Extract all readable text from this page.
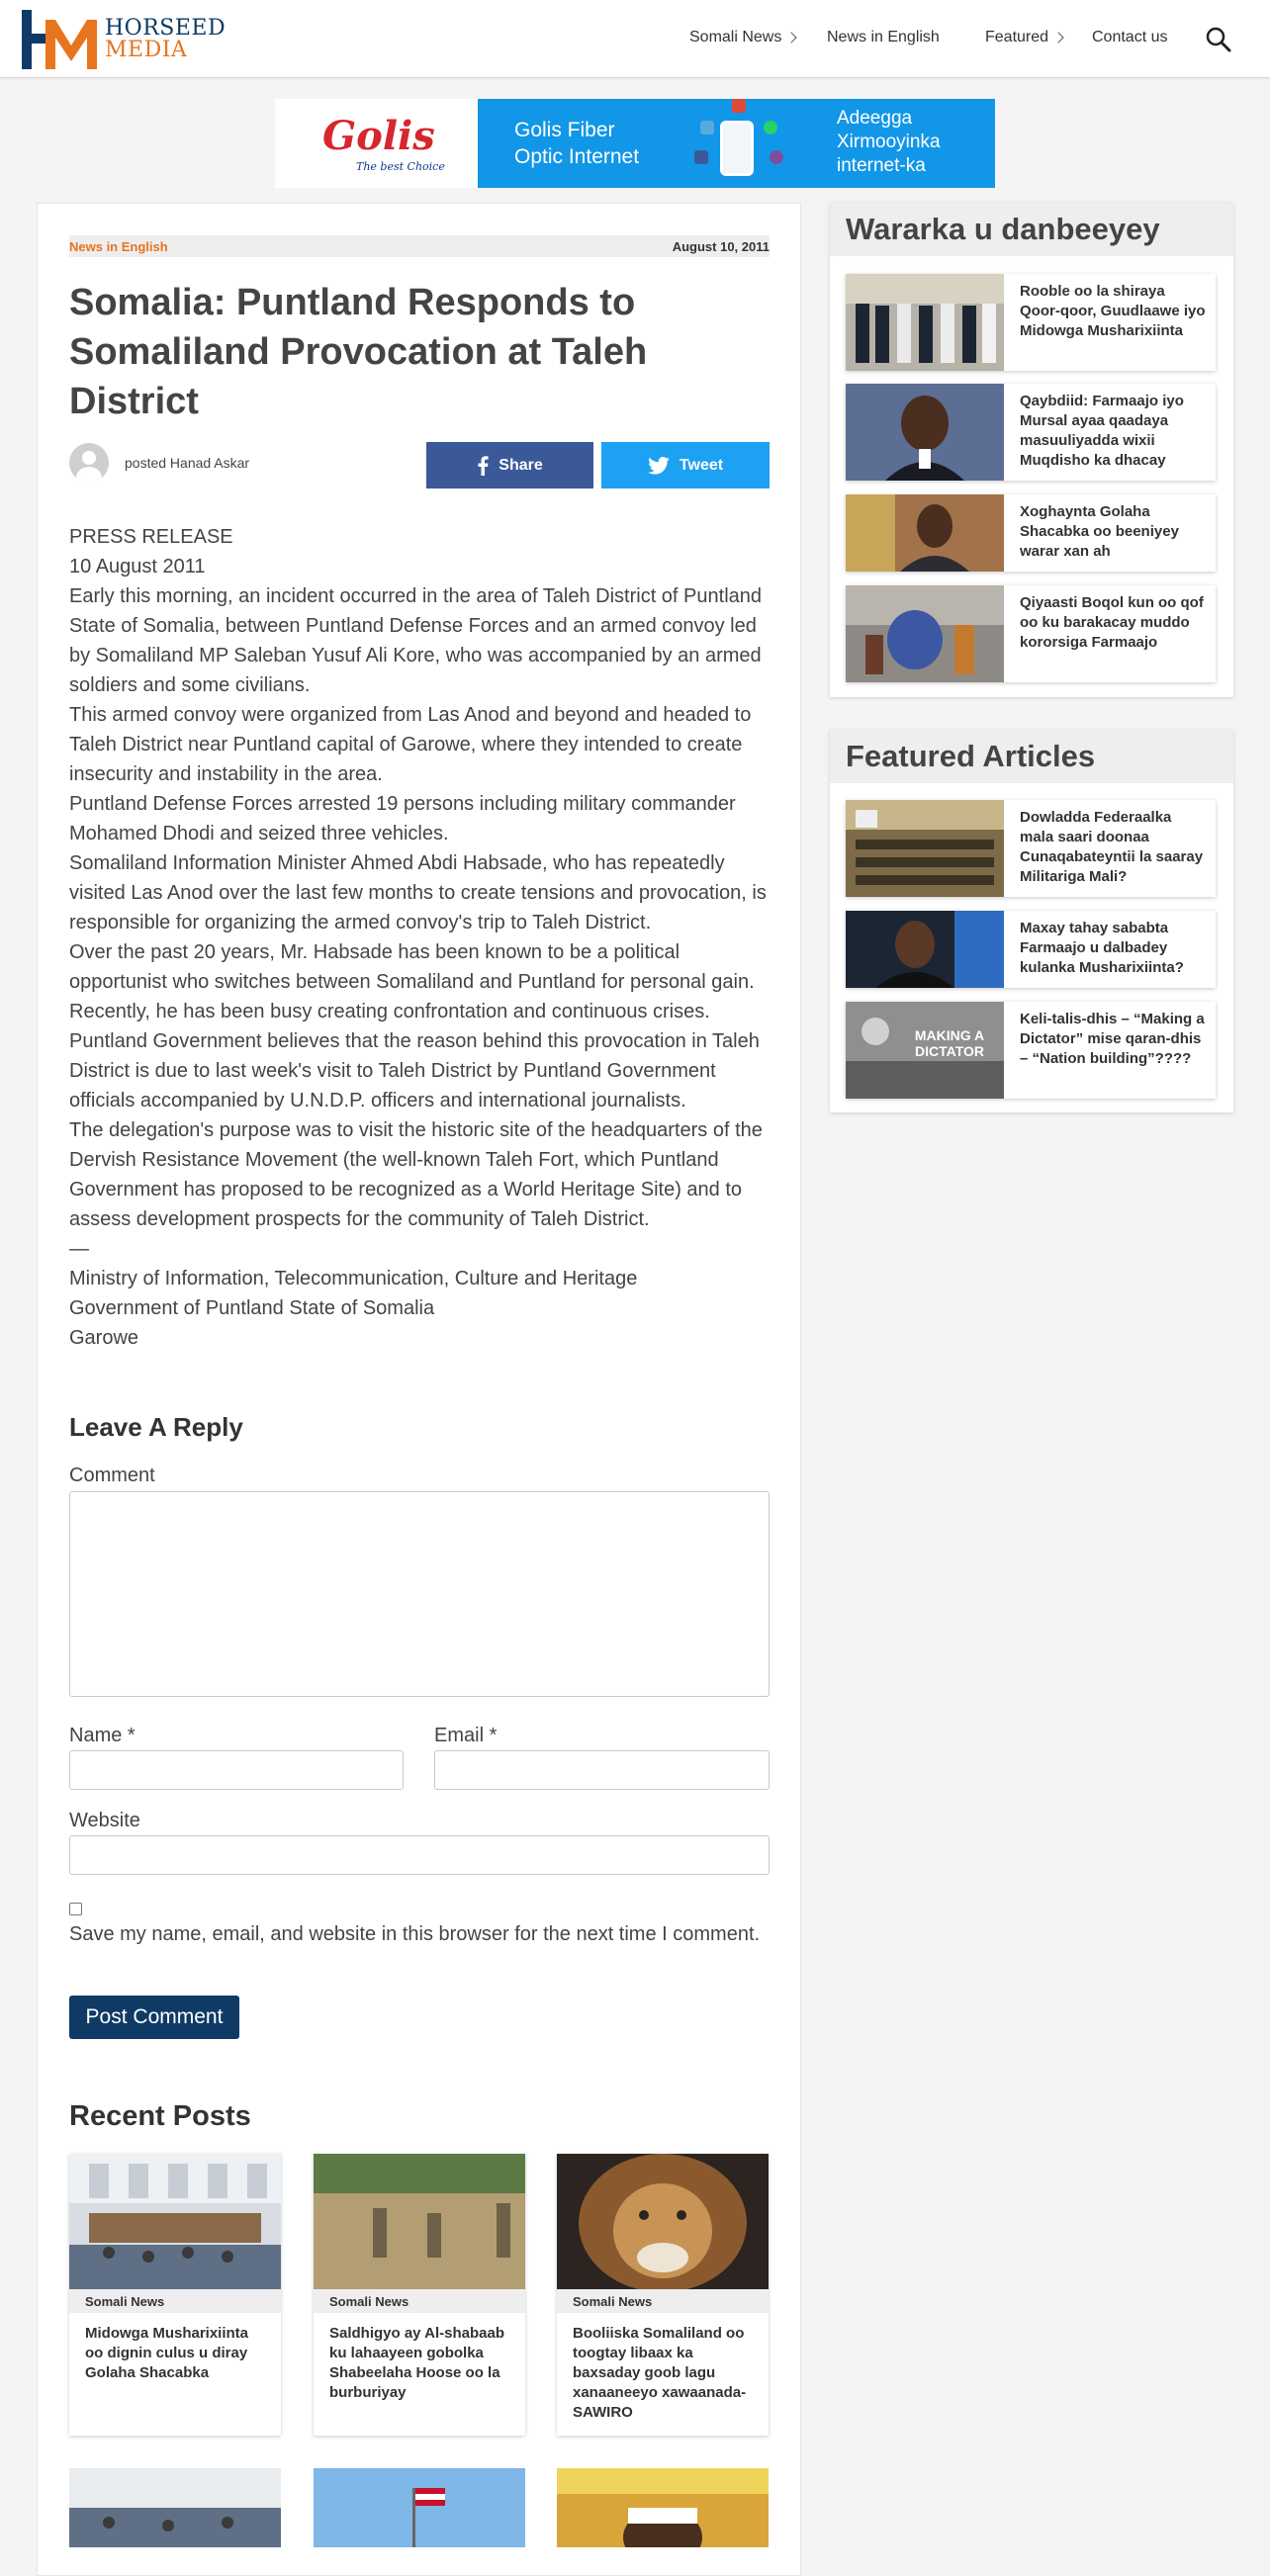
HORSEED
MEDIA
Somali News	News in English	Featured	Contact us
Golis
The best Choice
Golis Fiber
Optic Internet
Adeegga
Xirmooyinka
internet-ka
News in English	August 10, 2011
Somalia: Puntland Responds to Somaliland Provocation at Taleh District
posted Hanad Askar	Share	Tweet

PRESS RELEASE

10 August 2011

Early this morning, an incident occurred in the area of Taleh District of Puntland State of Somalia, between Puntland Defense Forces and an armed convoy led by Somaliland MP Saleban Yusuf Ali Kore, who was accompanied by an armed soldiers and some civilians.

This armed convoy were organized from Las Anod and beyond and headed to Taleh District near Puntland capital of Garowe, where they intended to create insecurity and instability in the area.

Puntland Defense Forces arrested 19 persons including military commander Mohamed Dhodi and seized three vehicles.

Somaliland Information Minister Ahmed Abdi Habsade, who has repeatedly visited Las Anod over the last few months to create tensions and provocation, is responsible for organizing the armed convoy's trip to Taleh District.

Over the past 20 years, Mr. Habsade has been known to be a political opportunist who switches between Somaliland and Puntland for personal gain. Recently, he has been busy creating confrontation and continuous crises.

Puntland Government believes that the reason behind this provocation in Taleh District is due to last week's visit to Taleh District by Puntland Government officials accompanied by U.N.D.P. officers and international journalists.

The delegation's purpose was to visit the historic site of the headquarters of the Dervish Resistance Movement (the well-known Taleh Fort, which Puntland Government has proposed to be recognized as a World Heritage Site) and to assess development prospects for the community of Taleh District.

—

Ministry of Information, Telecommunication, Culture and Heritage

Government of Puntland State of Somalia

Garowe

Leave A Reply
Comment
Name *	Email *
Website
Save my name, email, and website in this browser for the next time I comment.
Post Comment
Recent Posts
Somali News
Midowga Musharixiinta oo dignin culus u diray Golaha Shacabka
Somali News
Saldhigyo ay Al-shabaab ku lahaayeen gobolka Shabeelaha Hoose oo la burburiyay
Somali News
Booliiska Somaliland oo toogtay libaax ka baxsaday goob lagu xanaaneeyo xawaanada-SAWIRO
Wararka u danbeeyey
Rooble oo la shiraya Qoor-qoor, Guudlaawe iyo Midowga Musharixiinta
Qaybdiid: Farmaajo iyo Mursal ayaa qaadaya masuuliyadda wixii Muqdisho ka dhacay
Xoghaynta Golaha Shacabka oo beeniyey warar xan ah
Qiyaasti Boqol kun oo qof oo ku barakacay muddo kororsiga Farmaajo
Featured Articles
Dowladda Federaalka mala saari doonaa Cunaqabateyntii la saaray Militariga Mali?
Maxay tahay sababta Farmaajo u dalbadey kulanka Musharixiinta?
MAKING A DICTATOR
Keli-talis-dhis – “Making a Dictator” mise qaran-dhis – “Nation building”????
